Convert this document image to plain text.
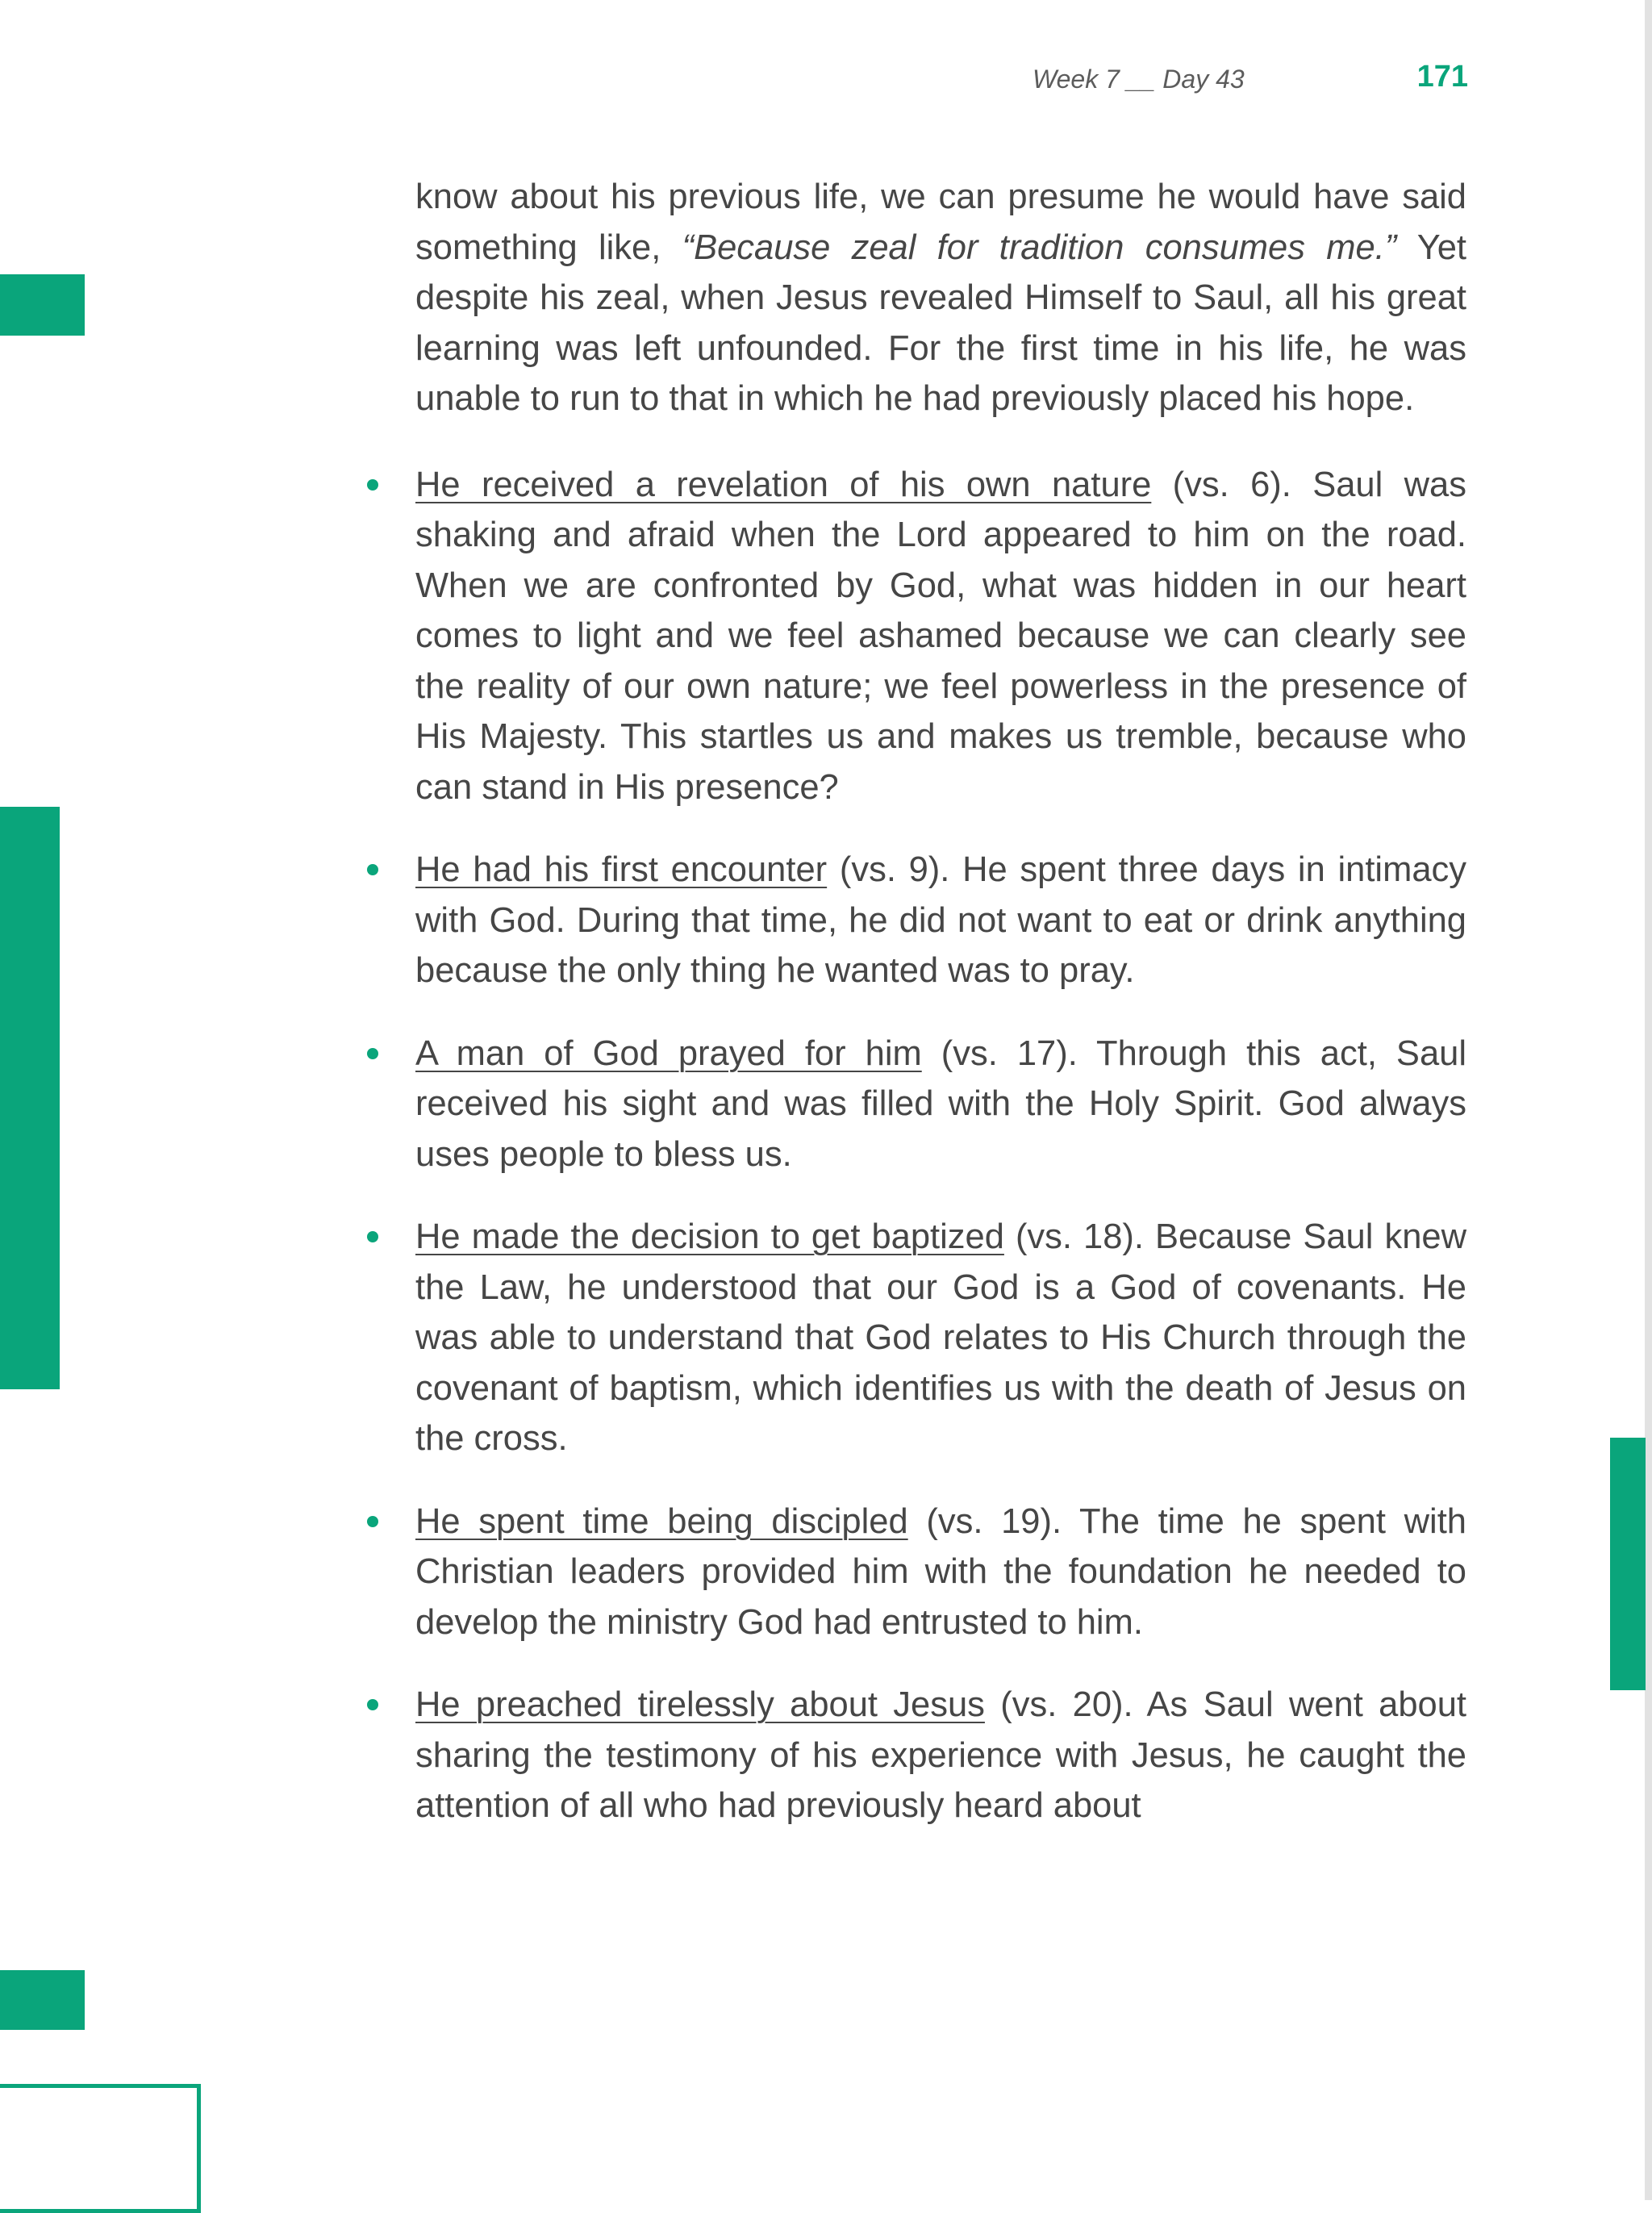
Week 7 __ Day 43	171

know about his previous life, we can presume he would have said something like, “Because zeal for tradition consumes me.” Yet despite his zeal, when Jesus revealed Himself to Saul, all his great learning was left unfounded. For the first time in his life, he was unable to run to that in which he had previously placed his hope.

He received a revelation of his own nature (vs. 6). Saul was shaking and afraid when the Lord appeared to him on the road. When we are confronted by God, what was hidden in our heart comes to light and we feel ashamed because we can clearly see the reality of our own nature; we feel powerless in the presence of His Majesty. This startles us and makes us tremble, because who can stand in His presence?

He had his first encounter (vs. 9). He spent three days in intimacy with God. During that time, he did not want to eat or drink anything because the only thing he wanted was to pray.

A man of God prayed for him (vs. 17). Through this act, Saul received his sight and was filled with the Holy Spirit. God always uses people to bless us.

He made the decision to get baptized (vs. 18). Because Saul knew the Law, he understood that our God is a God of covenants. He was able to understand that God relates to His Church through the covenant of baptism, which identifies us with the death of Jesus on the cross.

He spent time being discipled (vs. 19). The time he spent with Christian leaders provided him with the foundation he needed to develop the ministry God had entrusted to him.

He preached tirelessly about Jesus (vs. 20). As Saul went about sharing the testimony of his experience with Jesus, he caught the attention of all who had previously heard about
